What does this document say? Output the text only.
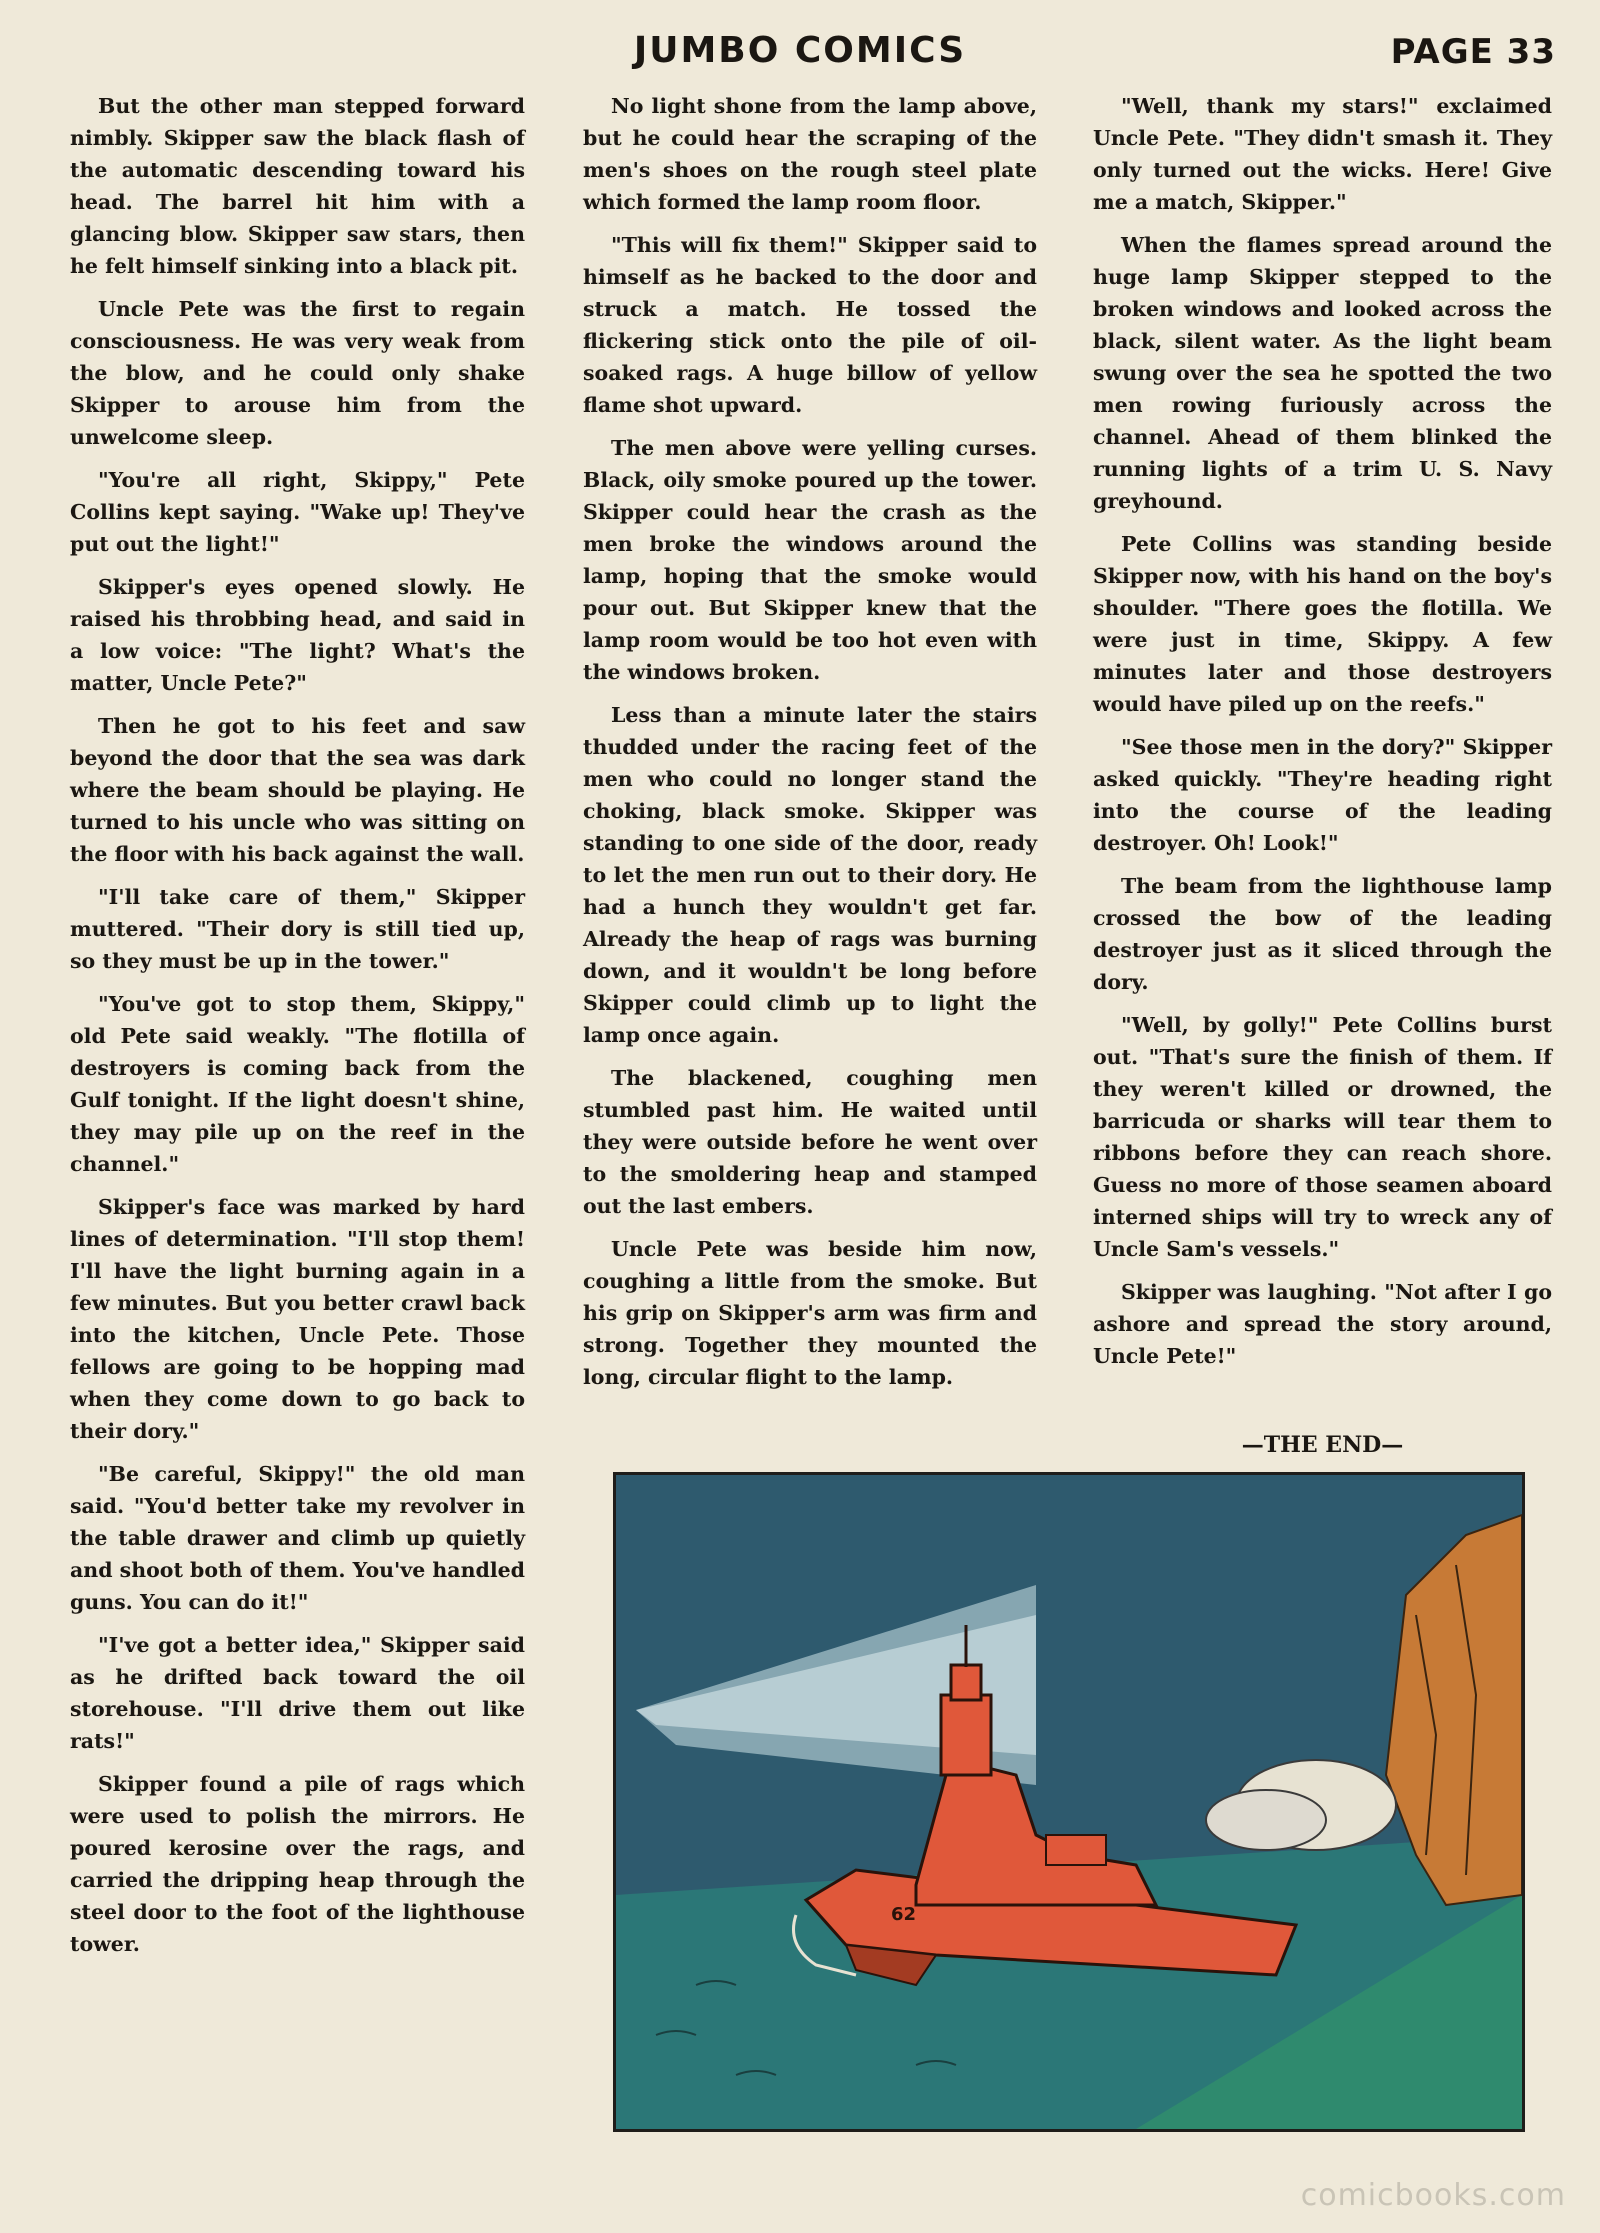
JUMBO COMICS	PAGE 33

But the other man stepped forward nimbly. Skipper saw the black flash of the automatic descending toward his head. The barrel hit him with a glancing blow. Skipper saw stars, then he felt himself sinking into a black pit.

Uncle Pete was the first to regain consciousness. He was very weak from the blow, and he could only shake Skipper to arouse him from the unwelcome sleep.

"You're all right, Skippy," Pete Collins kept saying. "Wake up! They've put out the light!"

Skipper's eyes opened slowly. He raised his throbbing head, and said in a low voice: "The light? What's the matter, Uncle Pete?"

Then he got to his feet and saw beyond the door that the sea was dark where the beam should be playing. He turned to his uncle who was sitting on the floor with his back against the wall.

"I'll take care of them," Skipper muttered. "Their dory is still tied up, so they must be up in the tower."

"You've got to stop them, Skippy," old Pete said weakly. "The flotilla of destroyers is coming back from the Gulf tonight. If the light doesn't shine, they may pile up on the reef in the channel."

Skipper's face was marked by hard lines of determination. "I'll stop them! I'll have the light burning again in a few minutes. But you better crawl back into the kitchen, Uncle Pete. Those fellows are going to be hopping mad when they come down to go back to their dory."

"Be careful, Skippy!" the old man said. "You'd better take my revolver in the table drawer and climb up quietly and shoot both of them. You've handled guns. You can do it!"

"I've got a better idea," Skipper said as he drifted back toward the oil storehouse. "I'll drive them out like rats!"

Skipper found a pile of rags which were used to polish the mirrors. He poured kerosine over the rags, and carried the dripping heap through the steel door to the foot of the lighthouse tower.

No light shone from the lamp above, but he could hear the scraping of the men's shoes on the rough steel plate which formed the lamp room floor.

"This will fix them!" Skipper said to himself as he backed to the door and struck a match. He tossed the flickering stick onto the pile of oil-soaked rags. A huge billow of yellow flame shot upward.

The men above were yelling curses. Black, oily smoke poured up the tower. Skipper could hear the crash as the men broke the windows around the lamp, hoping that the smoke would pour out. But Skipper knew that the lamp room would be too hot even with the windows broken.

Less than a minute later the stairs thudded under the racing feet of the men who could no longer stand the choking, black smoke. Skipper was standing to one side of the door, ready to let the men run out to their dory. He had a hunch they wouldn't get far. Already the heap of rags was burning down, and it wouldn't be long before Skipper could climb up to light the lamp once again.

The blackened, coughing men stumbled past him. He waited until they were outside before he went over to the smoldering heap and stamped out the last embers.

Uncle Pete was beside him now, coughing a little from the smoke. But his grip on Skipper's arm was firm and strong. Together they mounted the long, circular flight to the lamp.

"Well, thank my stars!" exclaimed Uncle Pete. "They didn't smash it. They only turned out the wicks. Here! Give me a match, Skipper."

When the flames spread around the huge lamp Skipper stepped to the broken windows and looked across the black, silent water. As the light beam swung over the sea he spotted the two men rowing furiously across the channel. Ahead of them blinked the running lights of a trim U. S. Navy greyhound.

Pete Collins was standing beside Skipper now, with his hand on the boy's shoulder. "There goes the flotilla. We were just in time, Skippy. A few minutes later and those destroyers would have piled up on the reefs."

"See those men in the dory?" Skipper asked quickly. "They're heading right into the course of the leading destroyer. Oh! Look!"

The beam from the lighthouse lamp crossed the bow of the leading destroyer just as it sliced through the dory.

"Well, by golly!" Pete Collins burst out. "That's sure the finish of them. If they weren't killed or drowned, the barricuda or sharks will tear them to ribbons before they can reach shore. Guess no more of those seamen aboard interned ships will try to wreck any of Uncle Sam's vessels."

Skipper was laughing. "Not after I go ashore and spread the story around, Uncle Pete!"

—THE END—
62
comicbooks.com
